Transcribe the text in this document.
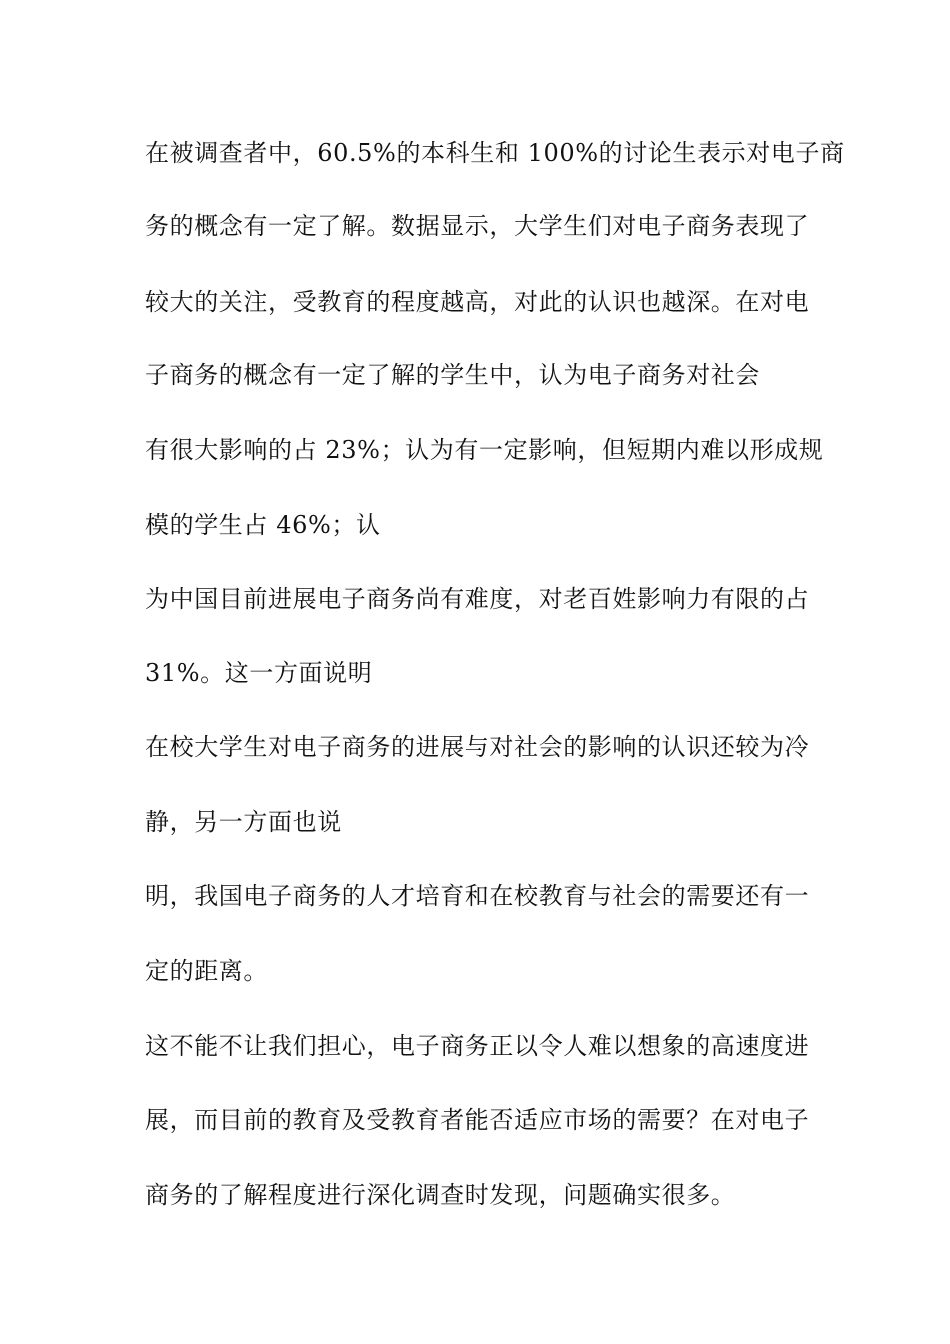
在被调查者中，60.5%的本科生和 100%的讨论生表示对电子商
务的概念有一定了解。数据显示，大学生们对电子商务表现了
较大的关注，受教育的程度越高，对此的认识也越深。在对电
子商务的概念有一定了解的学生中，认为电子商务对社会
有很大影响的占 23%；认为有一定影响，但短期内难以形成规
模的学生占 46%；认
为中国目前进展电子商务尚有难度，对老百姓影响力有限的占
31%。这一方面说明
在校大学生对电子商务的进展与对社会的影响的认识还较为冷
静，另一方面也说
明，我国电子商务的人才培育和在校教育与社会的需要还有一
定的距离。
这不能不让我们担心，电子商务正以令人难以想象的高速度进
展，而目前的教育及受教育者能否适应市场的需要？在对电子
商务的了解程度进行深化调查时发现，问题确实很多。
